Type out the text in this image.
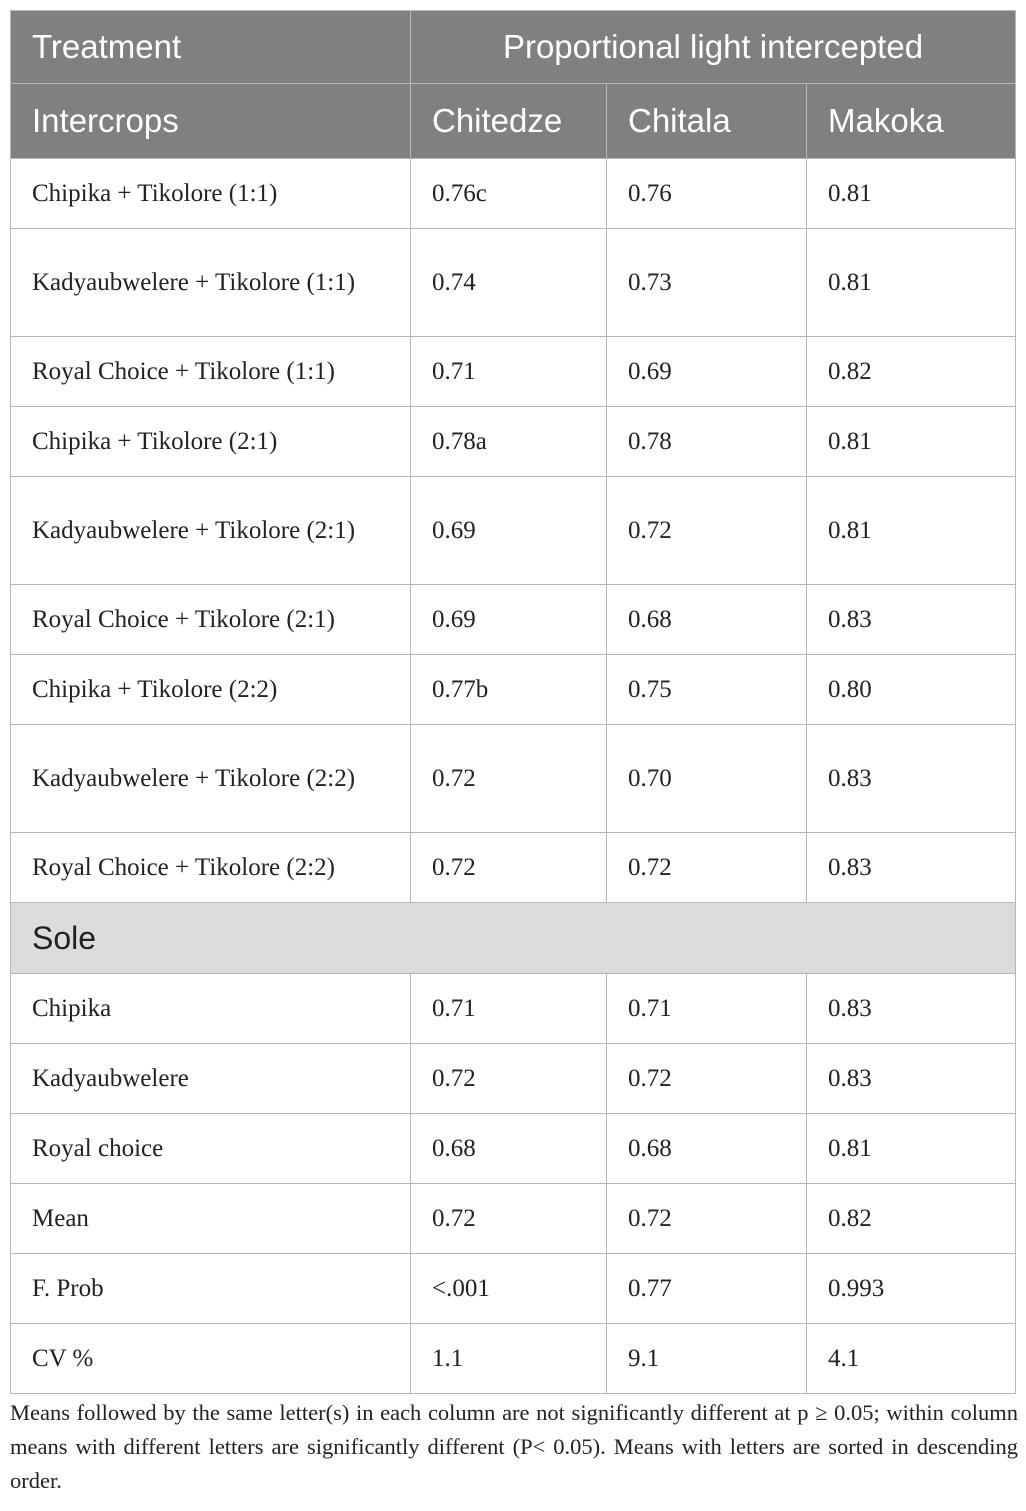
Treatment	Proportional light intercepted		
Intercrops	Chitedze	Chitala	Makoka
Chipika + Tikolore (1:1)	0.76c	0.76	0.81
Kadyaubwelere + Tikolore (1:1)	0.74	0.73	0.81
Royal Choice + Tikolore (1:1)	0.71	0.69	0.82
Chipika + Tikolore (2:1)	0.78a	0.78	0.81
Kadyaubwelere + Tikolore (2:1)	0.69	0.72	0.81
Royal Choice + Tikolore (2:1)	0.69	0.68	0.83
Chipika + Tikolore (2:2)	0.77b	0.75	0.80
Kadyaubwelere + Tikolore (2:2)	0.72	0.70	0.83
Royal Choice + Tikolore (2:2)	0.72	0.72	0.83
Sole			
Chipika	0.71	0.71	0.83
Kadyaubwelere	0.72	0.72	0.83
Royal choice	0.68	0.68	0.81
Mean	0.72	0.72	0.82
F. Prob	<.001	0.77	0.993
CV %	1.1	9.1	4.1
Means followed by the same letter(s) in each column are not significantly different at p ≥ 0.05; within column means with different letters are significantly different (P< 0.05). Means with letters are sorted in descending order.
